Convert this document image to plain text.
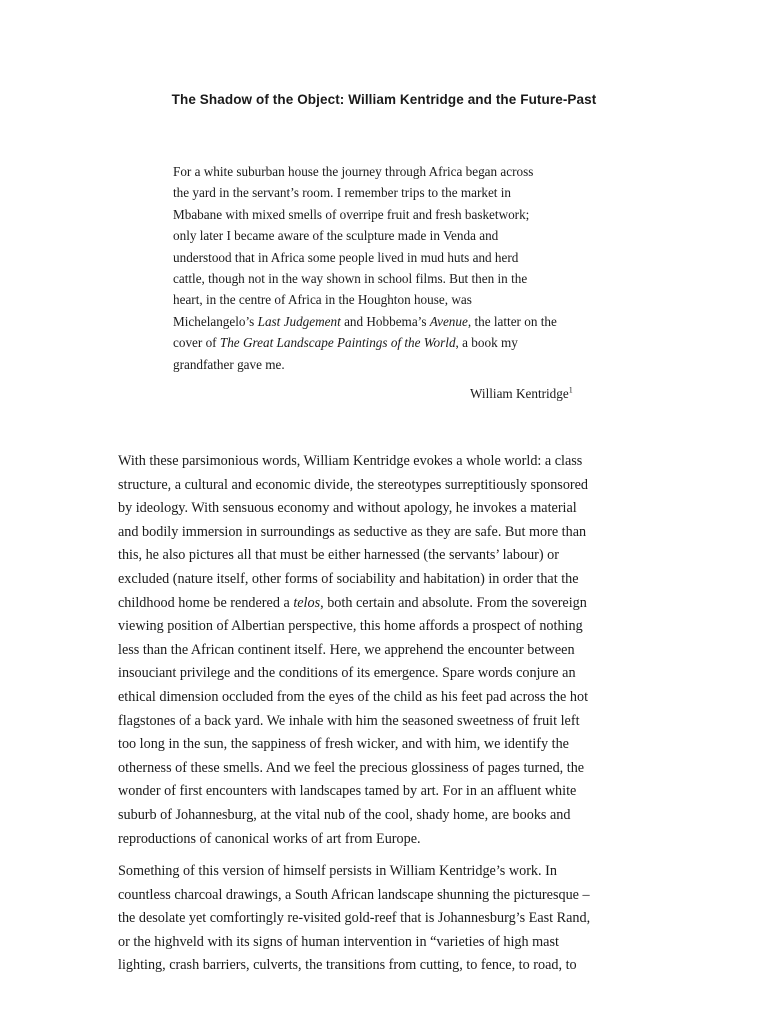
The Shadow of the Object: William Kentridge and the Future-Past
For a white suburban house the journey through Africa began across
the yard in the servant’s room. I remember trips to the market in
Mbabane with mixed smells of overripe fruit and fresh basketwork;
only later I became aware of the sculpture made in Venda and
understood that in Africa some people lived in mud huts and herd
cattle, though not in the way shown in school films. But then in the
heart, in the centre of Africa in the Houghton house, was
Michelangelo’s Last Judgement and Hobbema’s Avenue, the latter on the
cover of The Great Landscape Paintings of the World, a book my
grandfather gave me.
William Kentridge$^1$
With these parsimonious words, William Kentridge evokes a whole world: a class
structure, a cultural and economic divide, the stereotypes surreptitiously sponsored
by ideology. With sensuous economy and without apology, he invokes a material
and bodily immersion in surroundings as seductive as they are safe. But more than
this, he also pictures all that must be either harnessed (the servants’ labour) or
excluded (nature itself, other forms of sociability and habitation) in order that the
childhood home be rendered a telos, both certain and absolute. From the sovereign
viewing position of Albertian perspective, this home affords a prospect of nothing
less than the African continent itself. Here, we apprehend the encounter between
insouciant privilege and the conditions of its emergence. Spare words conjure an
ethical dimension occluded from the eyes of the child as his feet pad across the hot
flagstones of a back yard. We inhale with him the seasoned sweetness of fruit left
too long in the sun, the sappiness of fresh wicker, and with him, we identify the
otherness of these smells. And we feel the precious glossiness of pages turned, the
wonder of first encounters with landscapes tamed by art. For in an affluent white
suburb of Johannesburg, at the vital nub of the cool, shady home, are books and
reproductions of canonical works of art from Europe.
Something of this version of himself persists in William Kentridge’s work. In
countless charcoal drawings, a South African landscape shunning the picturesque –
the desolate yet comfortingly re-visited gold-reef that is Johannesburg’s East Rand,
or the highveld with its signs of human intervention in “varieties of high mast
lighting, crash barriers, culverts, the transitions from cutting, to fence, to road, to
